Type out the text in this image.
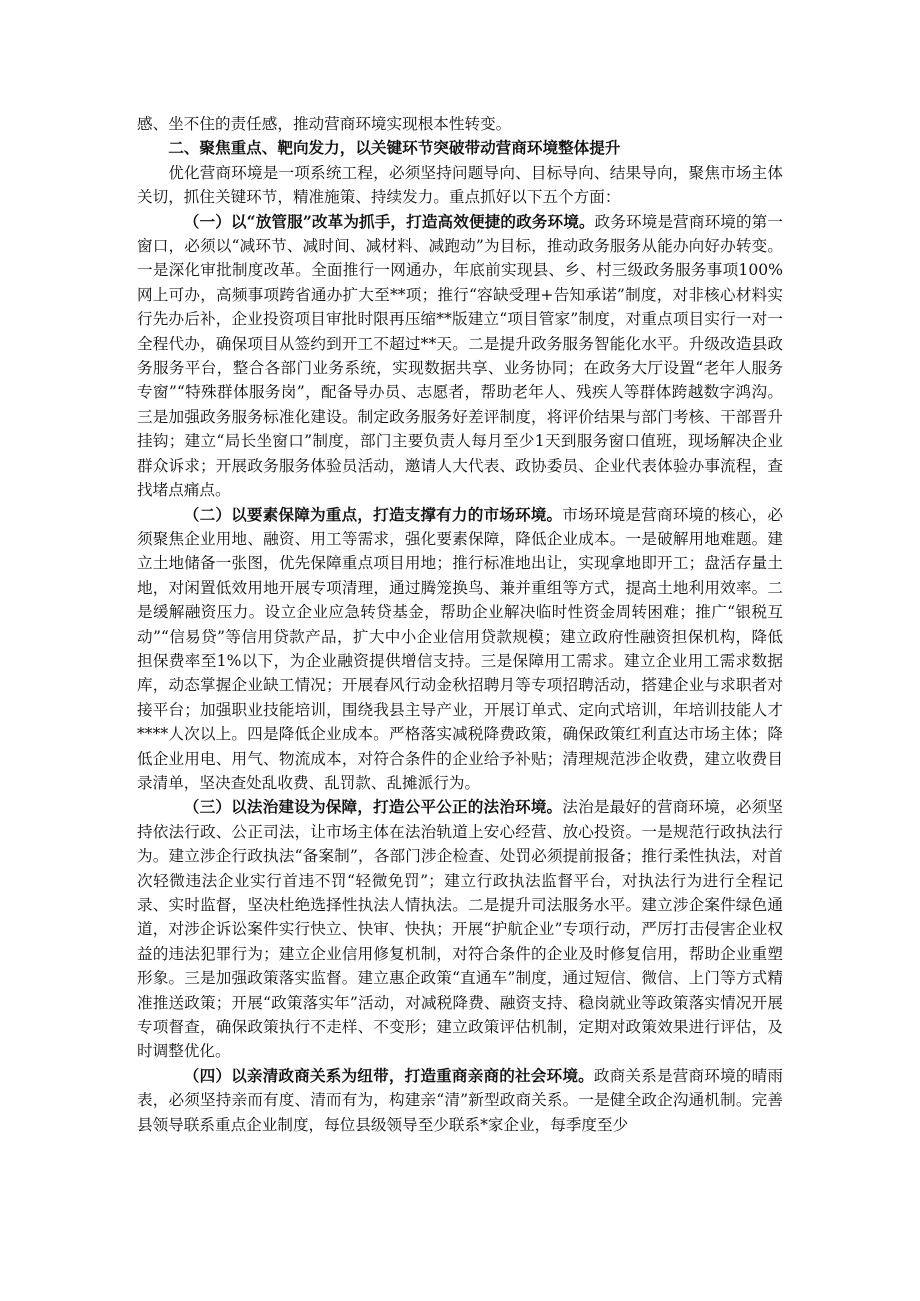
感、坐不住的责任感，推动营商环境实现根本性转变。

二、聚焦重点、靶向发力，以关键环节突破带动营商环境整体提升

优化营商环境是一项系统工程，必须坚持问题导向、目标导向、结果导向，聚焦市场主体关切，抓住关键环节，精准施策、持续发力。重点抓好以下五个方面：

（一）以“放管服”改革为抓手，打造高效便捷的政务环境。政务环境是营商环境的第一窗口，必须以“减环节、减时间、减材料、减跑动”为目标，推动政务服务从能办向好办转变。一是深化审批制度改革。全面推行一网通办，年底前实现县、乡、村三级政务服务事项100%网上可办，高频事项跨省通办扩大至**项；推行“容缺受理+告知承诺”制度，对非核心材料实行先办后补，企业投资项目审批时限再压缩**版建立“项目管家”制度，对重点项目实行一对一全程代办，确保项目从签约到开工不超过**天。二是提升政务服务智能化水平。升级改造县政务服务平台，整合各部门业务系统，实现数据共享、业务协同；在政务大厅设置“老年人服务专窗”“特殊群体服务岗”，配备导办员、志愿者，帮助老年人、残疾人等群体跨越数字鸿沟。三是加强政务服务标准化建设。制定政务服务好差评制度，将评价结果与部门考核、干部晋升挂钩；建立“局长坐窗口”制度，部门主要负责人每月至少1天到服务窗口值班，现场解决企业群众诉求；开展政务服务体验员活动，邀请人大代表、政协委员、企业代表体验办事流程，查找堵点痛点。

（二）以要素保障为重点，打造支撑有力的市场环境。市场环境是营商环境的核心，必须聚焦企业用地、融资、用工等需求，强化要素保障，降低企业成本。一是破解用地难题。建立土地储备一张图，优先保障重点项目用地；推行标准地出让，实现拿地即开工；盘活存量土地，对闲置低效用地开展专项清理，通过腾笼换鸟、兼并重组等方式，提高土地利用效率。二是缓解融资压力。设立企业应急转贷基金，帮助企业解决临时性资金周转困难；推广“银税互动”“信易贷”等信用贷款产品，扩大中小企业信用贷款规模；建立政府性融资担保机构，降低担保费率至1%以下，为企业融资提供增信支持。三是保障用工需求。建立企业用工需求数据库，动态掌握企业缺工情况；开展春风行动金秋招聘月等专项招聘活动，搭建企业与求职者对接平台；加强职业技能培训，围绕我县主导产业，开展订单式、定向式培训，年培训技能人才****人次以上。四是降低企业成本。严格落实减税降费政策，确保政策红利直达市场主体；降低企业用电、用气、物流成本，对符合条件的企业给予补贴；清理规范涉企收费，建立收费目录清单，坚决查处乱收费、乱罚款、乱摊派行为。

（三）以法治建设为保障，打造公平公正的法治环境。法治是最好的营商环境，必须坚持依法行政、公正司法，让市场主体在法治轨道上安心经营、放心投资。一是规范行政执法行为。建立涉企行政执法“备案制”，各部门涉企检查、处罚必须提前报备；推行柔性执法，对首次轻微违法企业实行首违不罚“轻微免罚”；建立行政执法监督平台，对执法行为进行全程记录、实时监督，坚决杜绝选择性执法人情执法。二是提升司法服务水平。建立涉企案件绿色通道，对涉企诉讼案件实行快立、快审、快执；开展“护航企业”专项行动，严厉打击侵害企业权益的违法犯罪行为；建立企业信用修复机制，对符合条件的企业及时修复信用，帮助企业重塑形象。三是加强政策落实监督。建立惠企政策“直通车”制度，通过短信、微信、上门等方式精准推送政策；开展“政策落实年”活动，对减税降费、融资支持、稳岗就业等政策落实情况开展专项督查，确保政策执行不走样、不变形；建立政策评估机制，定期对政策效果进行评估，及时调整优化。

（四）以亲清政商关系为纽带，打造重商亲商的社会环境。政商关系是营商环境的晴雨表，必须坚持亲而有度、清而有为，构建亲“清”新型政商关系。一是健全政企沟通机制。完善县领导联系重点企业制度，每位县级领导至少联系*家企业，每季度至少
